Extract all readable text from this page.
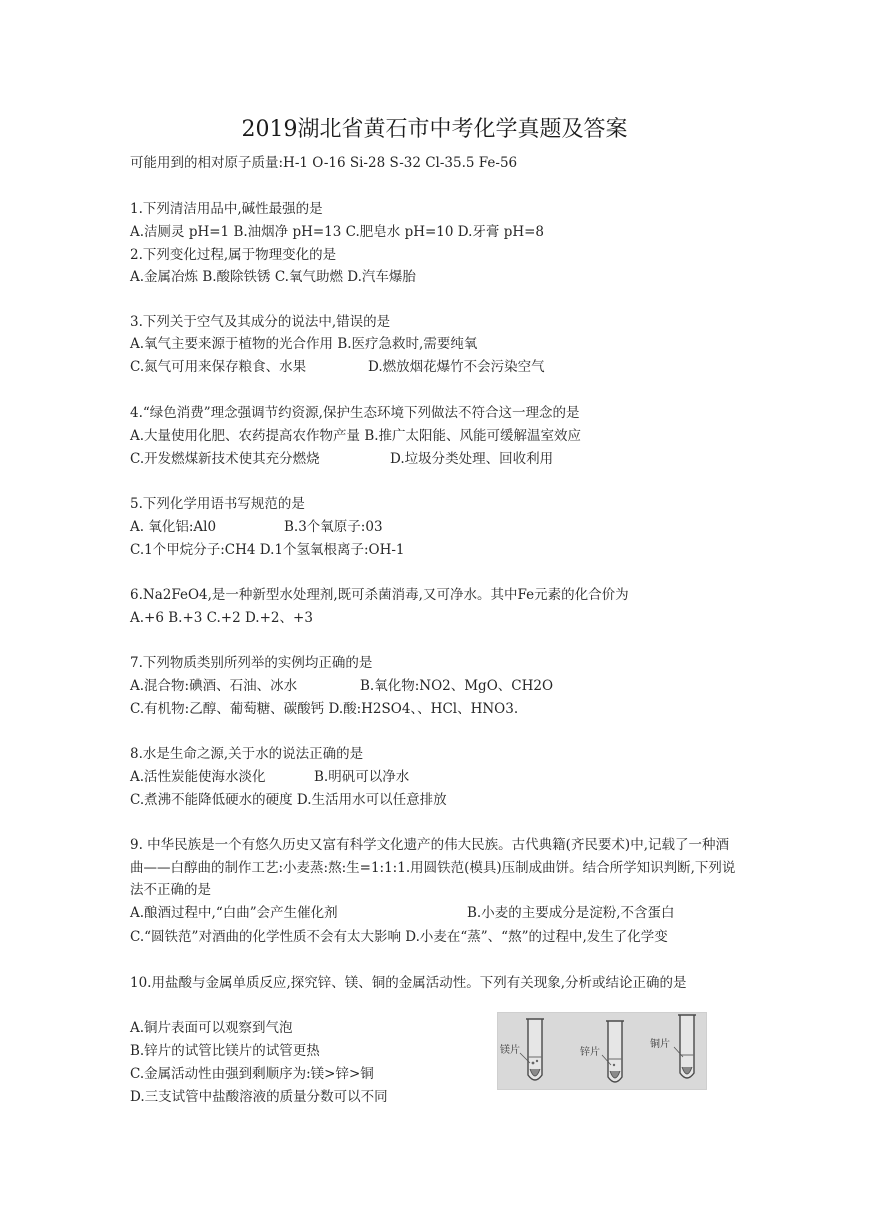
2019湖北省黄石市中考化学真题及答案
可能用到的相对原子质量:H-1 O-16 Si-28 S-32 Cl-35.5 Fe-56
1.下列清洁用品中,碱性最强的是
A.洁厕灵 pH=1 B.油烟净 pH=13 C.肥皂水 pH=10 D.牙膏 pH=8
2.下列变化过程,属于物理变化的是
A.金属冶炼 B.酸除铁锈 C.氧气助燃 D.汽车爆胎
3.下列关于空气及其成分的说法中,错误的是
A.氧气主要来源于植物的光合作用 B.医疗急救时,需要纯氧
C.氮气可用来保存粮食、水果	D.燃放烟花爆竹不会污染空气
4.“绿色消费”理念强调节约资源,保护生态环境下列做法不符合这一理念的是
A.大量使用化肥、农药提高农作物产量 B.推广太阳能、风能可缓解温室效应
C.开发燃煤新技术使其充分燃烧	D.垃圾分类处理、回收利用
5.下列化学用语书写规范的是
A. 氧化铝:Al0	B.3个氧原子:03
C.1个甲烷分子:CH4 D.1个氢氧根离子:OH-1
6.Na2FeO4,是一种新型水处理剂,既可杀菌消毒,又可净水。其中Fe元素的化合价为
A.+6 B.+3 C.+2 D.+2、+3
7.下列物质类别所列举的实例均正确的是
A.混合物:碘酒、石油、冰水	B.氧化物:NO2、MgO、CH2O
C.有机物:乙醇、葡萄糖、碳酸钙 D.酸:H2SO4、、HCl、HNO3.
8.水是生命之源,关于水的说法正确的是
A.活性炭能使海水淡化	B.明矾可以净水
C.煮沸不能降低硬水的硬度 D.生活用水可以任意排放
9. 中华民族是一个有悠久历史又富有科学文化遗产的伟大民族。古代典籍(齐民要术)中,记载了一种酒曲——白醇曲的制作工艺:小麦蒸:熬:生=1:1:1.用圆铁范(模具)压制成曲饼。结合所学知识判断,下列说法不正确的是
A.酿酒过程中,“白曲”会产生催化剂	B.小麦的主要成分是淀粉,不含蛋白
C.“圆铁范”对酒曲的化学性质不会有太大影响 D.小麦在“蒸”、“熬”的过程中,发生了化学变
10.用盐酸与金属单质反应,探究锌、镁、铜的金属活动性。下列有关现象,分析或结论正确的是
A.铜片表面可以观察到气泡
B.锌片的试管比镁片的试管更热
C.金属活动性由强到剩顺序为:镁>锌>铜
D.三支试管中盐酸溶液的质量分数可以不同
镁片	锌片
铜片
